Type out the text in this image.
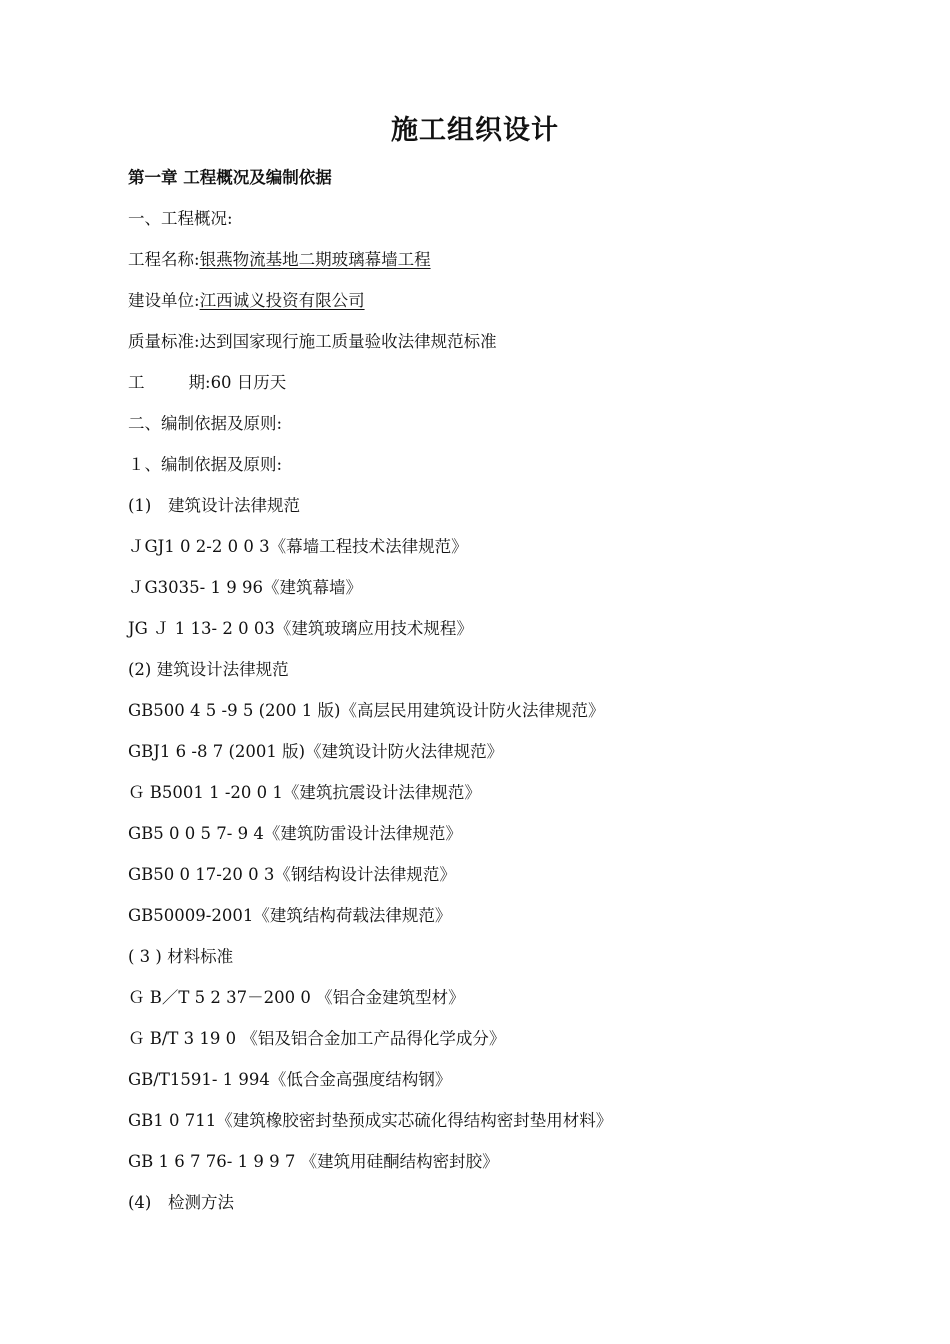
施工组织设计

第一章 工程概况及编制依据

一、工程概况:

工程名称:银燕物流基地二期玻璃幕墙工程

建设单位:江西诚义投资有限公司

质量标准:达到国家现行施工质量验收法律规范标准

工	期:60 日历天

二、编制依据及原则:

１、编制依据及原则:

(1) 建筑设计法律规范

ＪGJ1 0 2-2 0 0 3《幕墙工程技术法律规范》

ＪG3035- 1 9 96《建筑幕墙》

JG Ｊ 1 13- 2 0 03《建筑玻璃应用技术规程》

(2) 建筑设计法律规范

GB500 4 5 -9 5 (200 1 版)《高层民用建筑设计防火法律规范》

GBJ1 6 -8 7 (2001 版)《建筑设计防火法律规范》

Ｇ B5001 1 -20 0 1《建筑抗震设计法律规范》

GB5 0 0 5 7- 9 4《建筑防雷设计法律规范》

GB50 0 17-20 0 3《钢结构设计法律规范》

GB50009-2001《建筑结构荷载法律规范》

( 3 ) 材料标准

Ｇ B／T 5 2 37－200 0 《铝合金建筑型材》

Ｇ B/T 3 19 0 《铝及铝合金加工产品得化学成分》

GB/T1591- 1 994《低合金高强度结构钢》

GB1 0 711《建筑橡胶密封垫预成实芯硫化得结构密封垫用材料》

GB 1 6 7 76- 1 9 9 7 《建筑用硅酮结构密封胶》

(4) 检测方法
